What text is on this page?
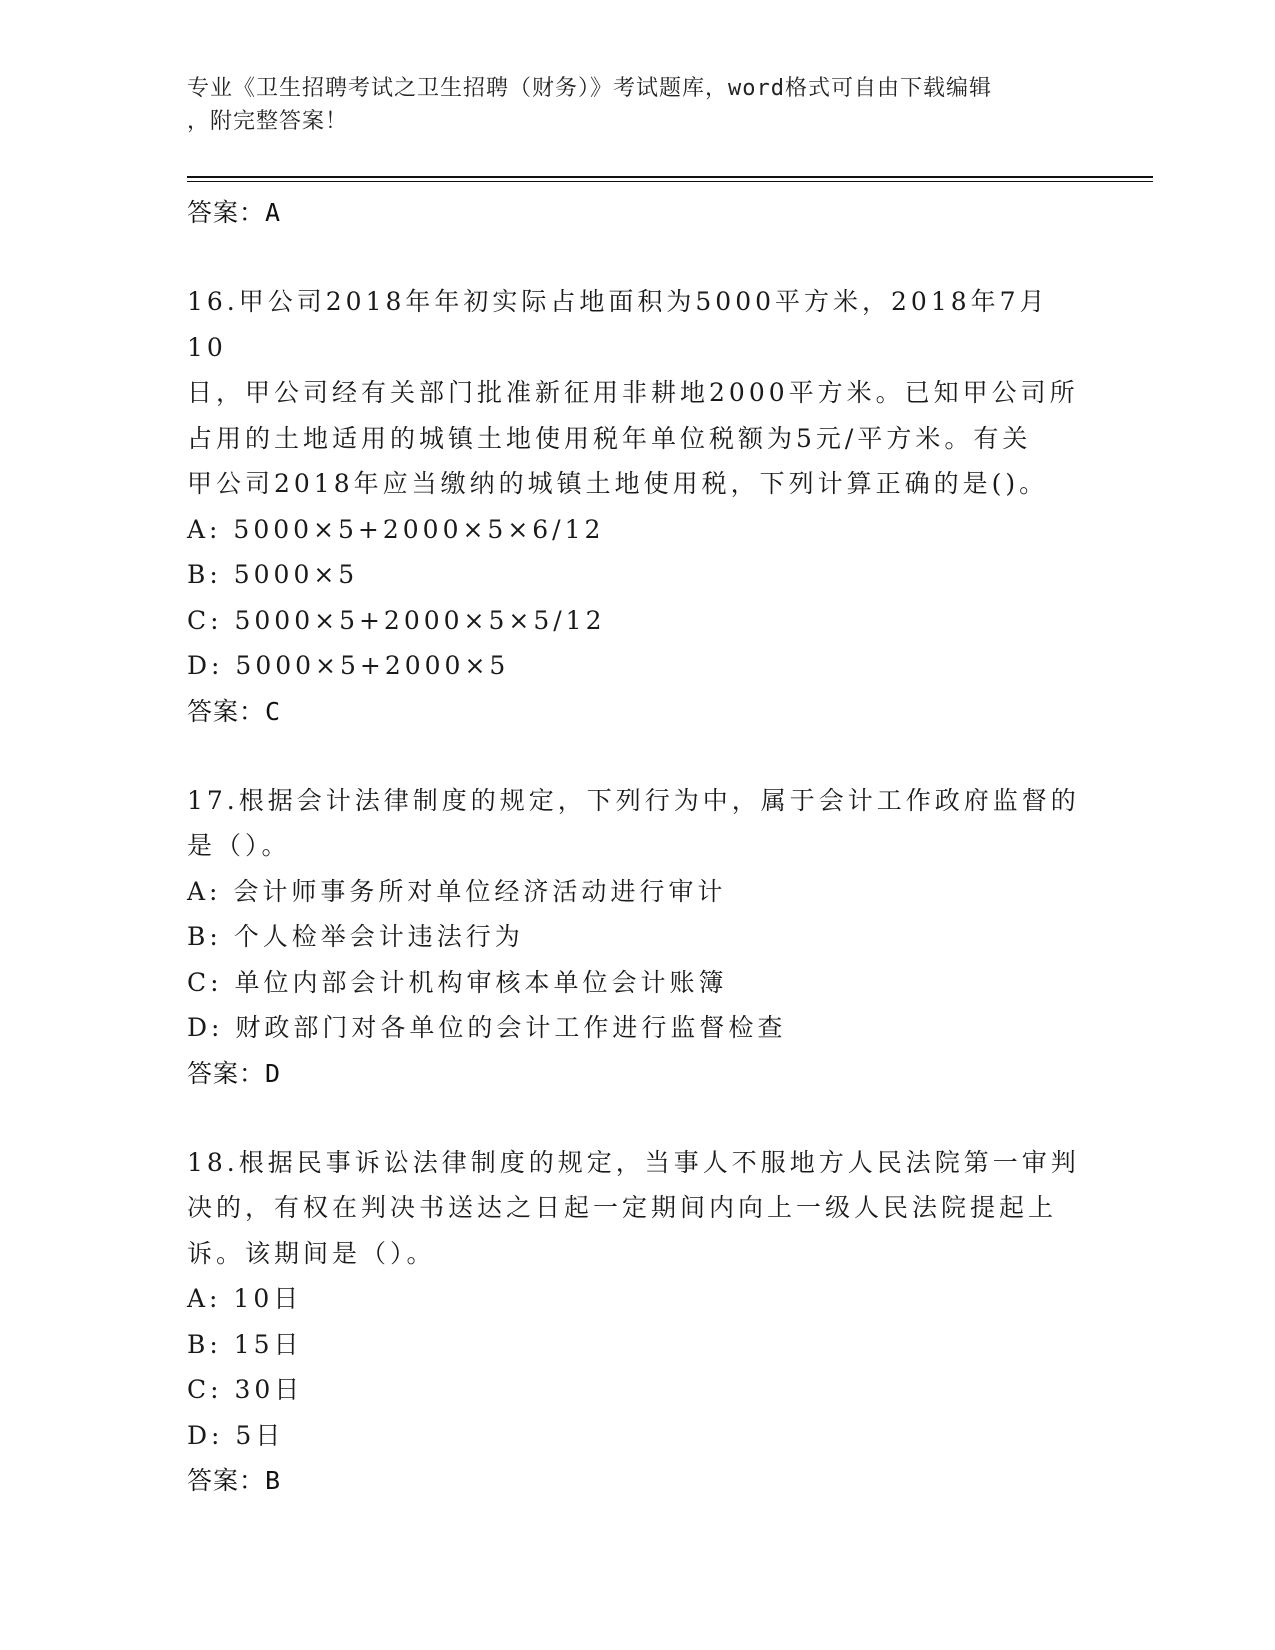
专业《卫生招聘考试之卫生招聘（财务）》考试题库，word格式可自由下载编辑
，附完整答案！
答案：A
16.甲公司2018年年初实际占地面积为5000平方米，2018年7月10
日，甲公司经有关部门批准新征用非耕地2000平方米。已知甲公司所
占用的土地适用的城镇土地使用税年单位税额为5元/平方米。有关
甲公司2018年应当缴纳的城镇土地使用税，下列计算正确的是()。
A: 5000×5+2000×5×6/12
B: 5000×5
C: 5000×5+2000×5×5/12
D: 5000×5+2000×5
答案：C
17.根据会计法律制度的规定，下列行为中，属于会计工作政府监督的
是（）。
A: 会计师事务所对单位经济活动进行审计
B: 个人检举会计违法行为
C: 单位内部会计机构审核本单位会计账簿
D: 财政部门对各单位的会计工作进行监督检查
答案：D
18.根据民事诉讼法律制度的规定，当事人不服地方人民法院第一审判
决的，有权在判决书送达之日起一定期间内向上一级人民法院提起上
诉。该期间是（）。
A: 10日
B: 15日
C: 30日
D: 5日
答案：B
